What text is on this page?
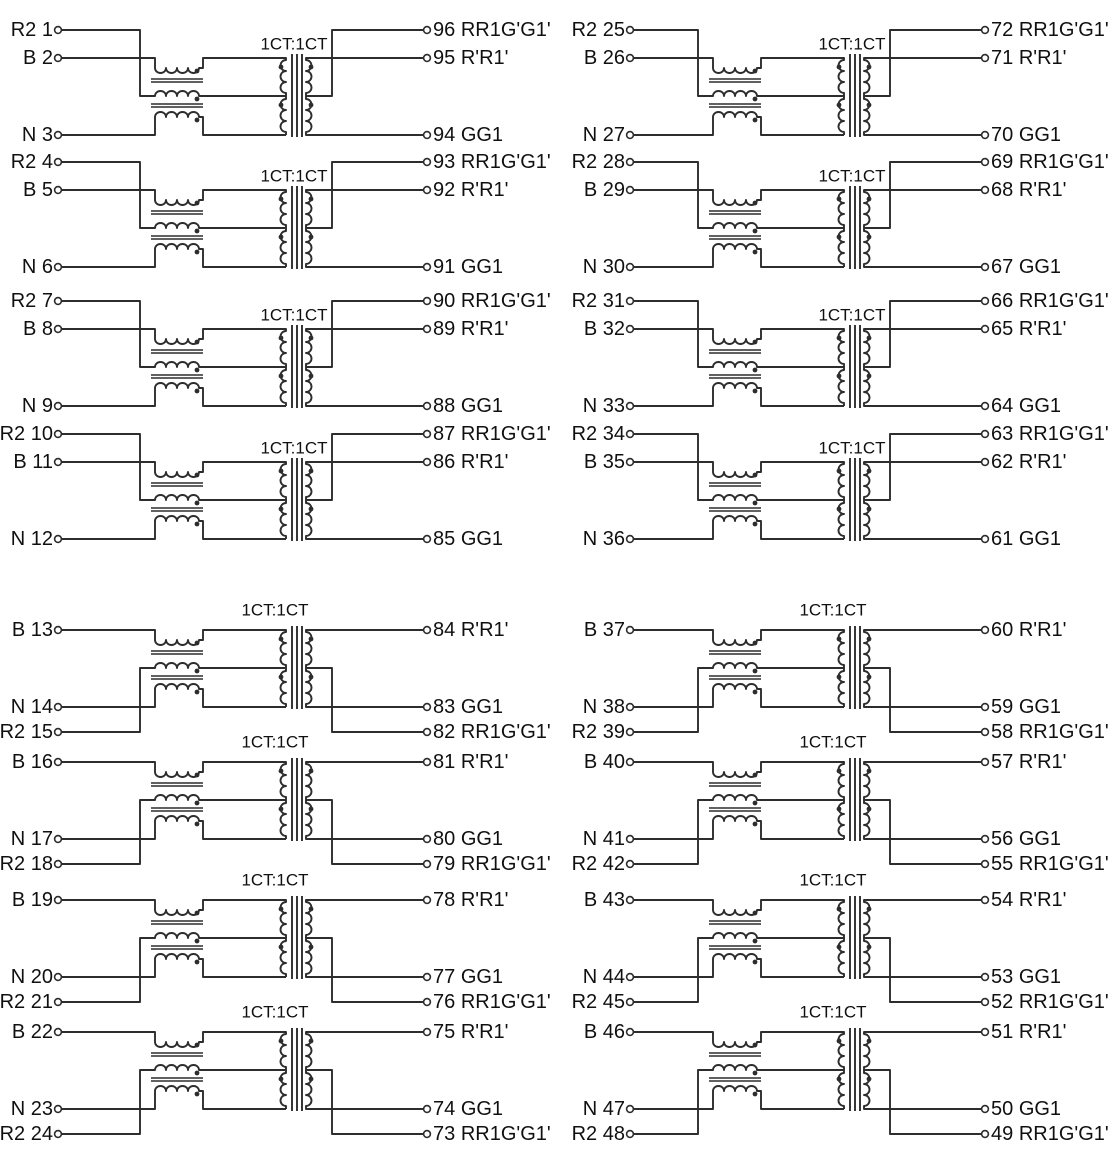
R2 1
B 2
N 3
96 RR1G'G1'
95 R'R1'
94 GG1
1CT:1CT
R2 4
B 5
N 6
93 RR1G'G1'
92 R'R1'
91 GG1
1CT:1CT
R2 7
B 8
N 9
90 RR1G'G1'
89 R'R1'
88 GG1
1CT:1CT
R2 10
B 11
N 12
87 RR1G'G1'
86 R'R1'
85 GG1
1CT:1CT
B 13
N 14
R2 15
84 R'R1'
83 GG1
82 RR1G'G1'
1CT:1CT
B 16
N 17
R2 18
81 R'R1'
80 GG1
79 RR1G'G1'
1CT:1CT
B 19
N 20
R2 21
78 R'R1'
77 GG1
76 RR1G'G1'
1CT:1CT
B 22
N 23
R2 24
75 R'R1'
74 GG1
73 RR1G'G1'
1CT:1CT
R2 25
B 26
N 27
72 RR1G'G1'
71 R'R1'
70 GG1
1CT:1CT
R2 28
B 29
N 30
69 RR1G'G1'
68 R'R1'
67 GG1
1CT:1CT
R2 31
B 32
N 33
66 RR1G'G1'
65 R'R1'
64 GG1
1CT:1CT
R2 34
B 35
N 36
63 RR1G'G1'
62 R'R1'
61 GG1
1CT:1CT
B 37
N 38
R2 39
60 R'R1'
59 GG1
58 RR1G'G1'
1CT:1CT
B 40
N 41
R2 42
57 R'R1'
56 GG1
55 RR1G'G1'
1CT:1CT
B 43
N 44
R2 45
54 R'R1'
53 GG1
52 RR1G'G1'
1CT:1CT
B 46
N 47
R2 48
51 R'R1'
50 GG1
49 RR1G'G1'
1CT:1CT
